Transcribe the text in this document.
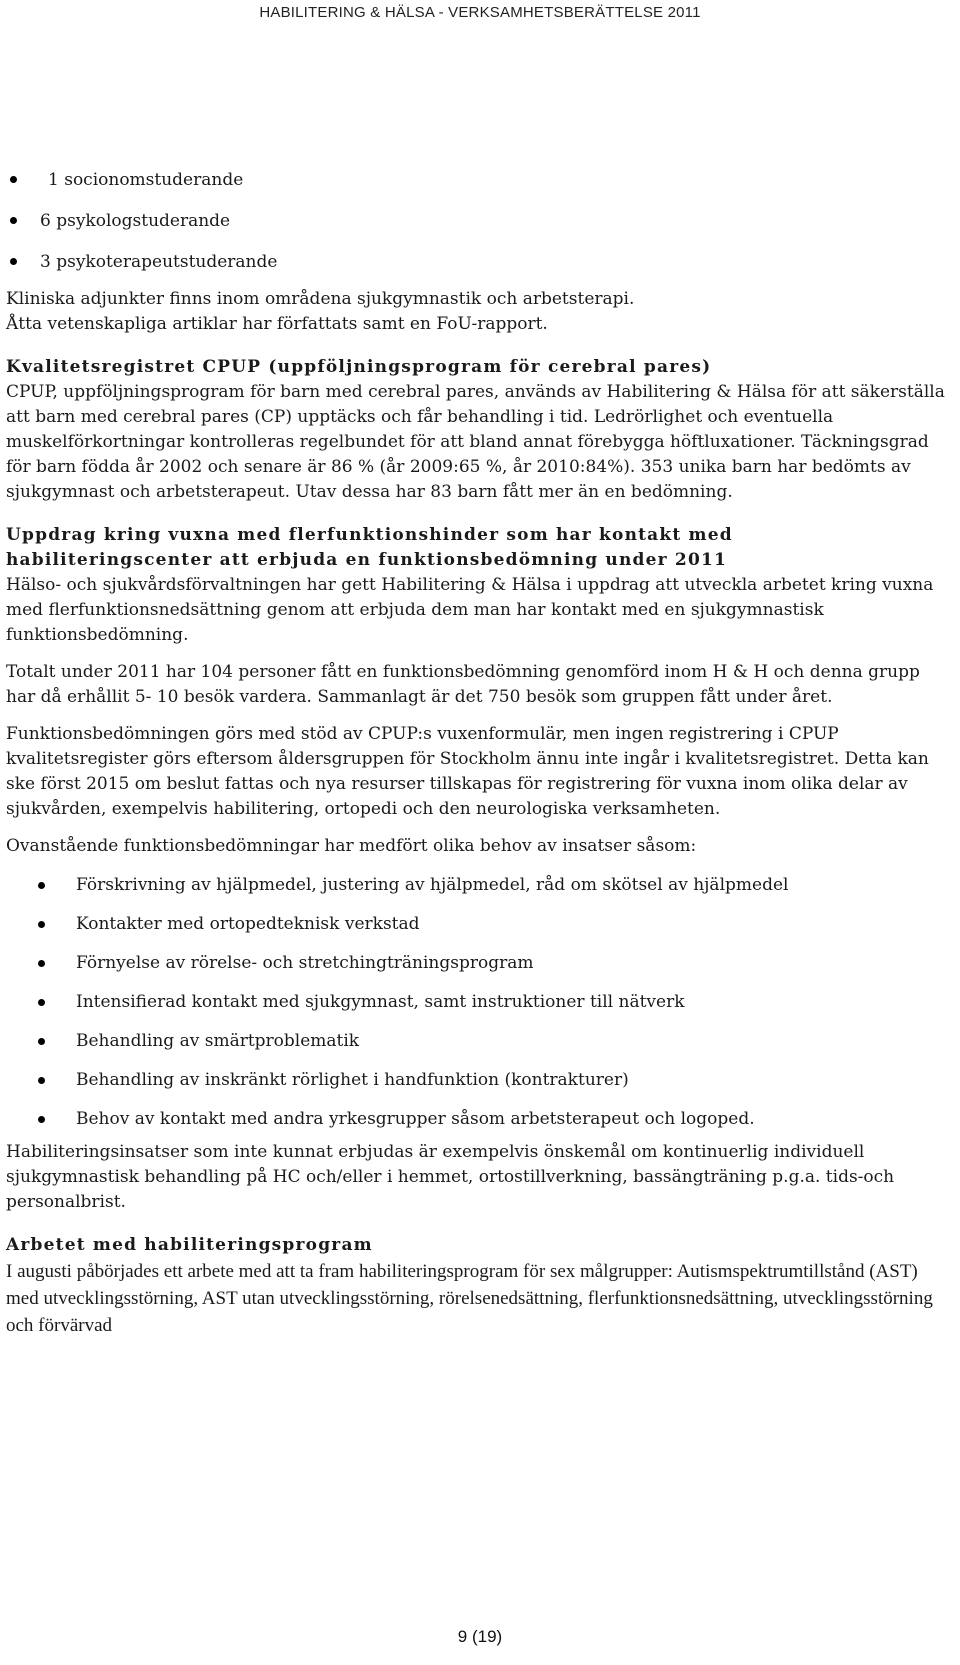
HABILITERING & HÄLSA - VERKSAMHETSBERÄTTELSE 2011
1 socionomstuderande
6 psykologstuderande
3 psykoterapeutstuderande
Kliniska adjunkter finns inom områdena sjukgymnastik och arbetsterapi.
Åtta vetenskapliga artiklar har författats samt en FoU-rapport.
Kvalitetsregistret CPUP (uppföljningsprogram för cerebral pares)

CPUP, uppföljningsprogram för barn med cerebral pares, används av Habilitering & Hälsa för att säkerställa att barn med cerebral pares (CP) upptäcks och får behandling i tid. Ledrörlighet och eventuella muskelförkortningar kontrolleras regelbundet för att bland annat förebygga höftluxationer. Täckningsgrad för barn födda år 2002 och senare är 86 % (år 2009:65 %, år 2010:84%). 353 unika barn har bedömts av sjukgymnast och arbetsterapeut. Utav dessa har 83 barn fått mer än en bedömning.

Uppdrag kring vuxna med flerfunktionshinder som har kontakt med habiliteringscenter att erbjuda en funktionsbedömning under 2011

Hälso- och sjukvårdsförvaltningen har gett Habilitering & Hälsa i uppdrag att utveckla arbetet kring vuxna med flerfunktionsnedsättning genom att erbjuda dem man har kontakt med en sjukgymnastisk funktionsbedömning.

Totalt under 2011 har 104 personer fått en funktionsbedömning genomförd inom H & H och denna grupp har då erhållit 5- 10 besök vardera. Sammanlagt är det 750 besök som gruppen fått under året.

Funktionsbedömningen görs med stöd av CPUP:s vuxenformulär, men ingen registrering i CPUP kvalitetsregister görs eftersom åldersgruppen för Stockholm ännu inte ingår i kvalitetsregistret. Detta kan ske först 2015 om beslut fattas och nya resurser tillskapas för registrering för vuxna inom olika delar av sjukvården, exempelvis habilitering, ortopedi och den neurologiska verksamheten.

Ovanstående funktionsbedömningar har medfört olika behov av insatser såsom:

Förskrivning av hjälpmedel, justering av hjälpmedel, råd om skötsel av hjälpmedel
Kontakter med ortopedteknisk verkstad
Förnyelse av rörelse- och stretchingträningsprogram
Intensifierad kontakt med sjukgymnast, samt instruktioner till nätverk
Behandling av smärtproblematik
Behandling av inskränkt rörlighet i handfunktion (kontrakturer)
Behov av kontakt med andra yrkesgrupper såsom arbetsterapeut och logoped.

Habiliteringsinsatser som inte kunnat erbjudas är exempelvis önskemål om kontinuerlig individuell sjukgymnastisk behandling på HC och/eller i hemmet, ortostillverkning, bassängträning p.g.a. tids-och personalbrist.

Arbetet med habiliteringsprogram

I augusti påbörjades ett arbete med att ta fram habiliteringsprogram för sex målgrupper: Autismspektrumtillstånd (AST) med utvecklingsstörning, AST utan utvecklingsstörning, rörelsenedsättning, flerfunktionsnedsättning, utvecklingsstörning och förvärvad

9 (19)
